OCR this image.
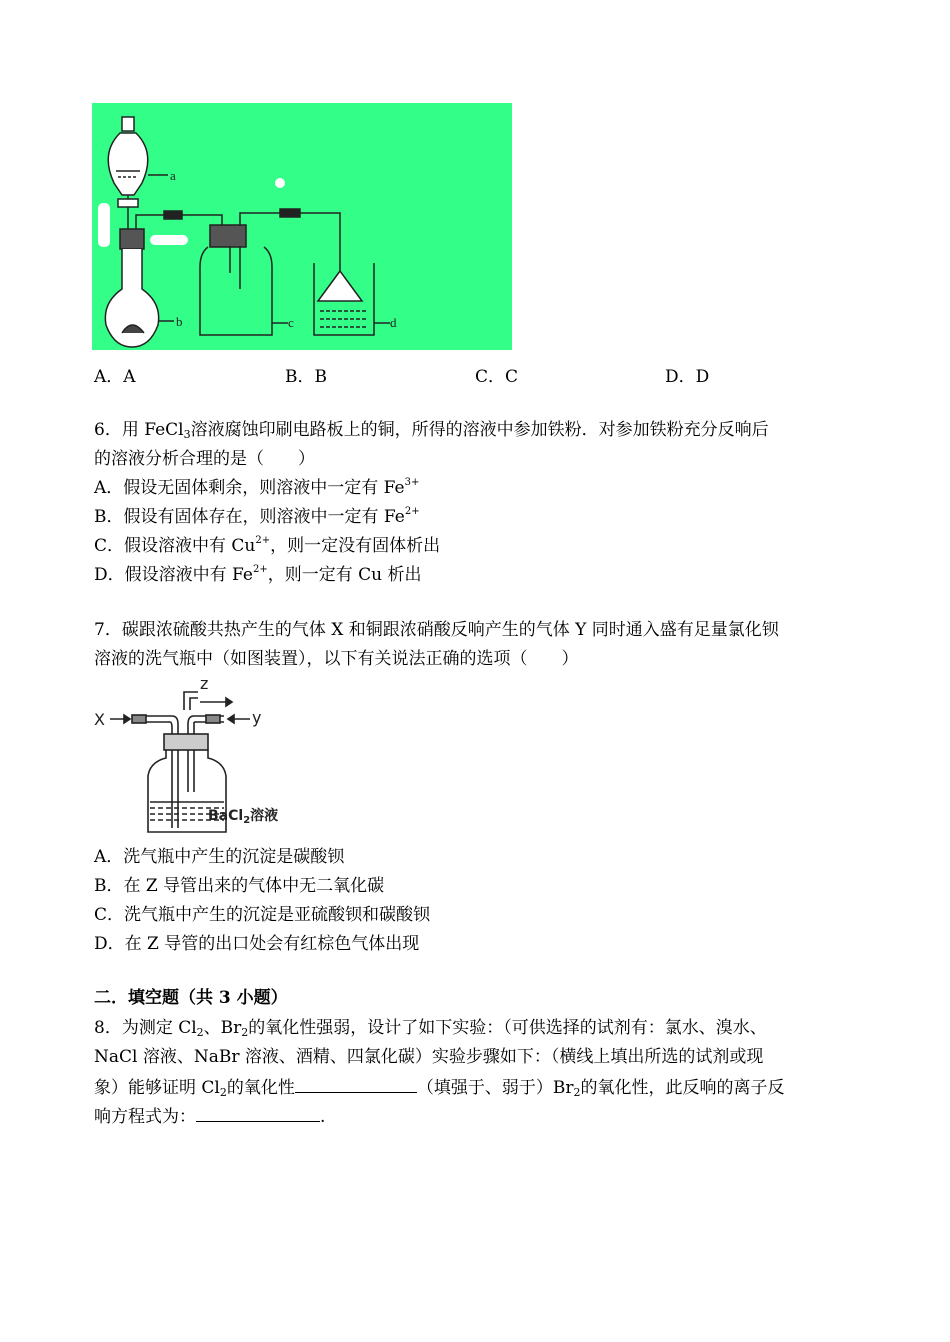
a
b	c	d
A．A	B．B	C．C	D．D
6．用 FeCl$_3$溶液腐蚀印刷电路板上的铜，所得的溶液中参加铁粉．对参加铁粉充分反响后
的溶液分析合理的是（　　）
A．假设无固体剩余，则溶液中一定有 $Fe^{3+}$
B．假设有固体存在，则溶液中一定有 $Fe^{2+}$
C．假设溶液中有 $Cu^{2+}$，则一定没有固体析出
D．假设溶液中有 $Fe^{2+}$，则一定有 Cu 析出
7．碳跟浓硫酸共热产生的气体 X 和铜跟浓硝酸反响产生的气体 Y 同时通入盛有足量氯化钡
溶液的洗气瓶中（如图装置），以下有关说法正确的选项（　　）
X
z
y
BaCl$_2$溶液
A．洗气瓶中产生的沉淀是碳酸钡
B．在 Z 导管出来的气体中无二氧化碳
C．洗气瓶中产生的沉淀是亚硫酸钡和碳酸钡
D．在 Z 导管的出口处会有红棕色气体出现
二．填空题（共 3 小题）
8．为测定 $Cl_2$、$Br_2$的氧化性强弱，设计了如下实验：（可供选择的试剂有：氯水、溴水、
NaCl 溶液、NaBr 溶液、酒精、四氯化碳）实验步骤如下：（横线上填出所选的试剂或现
象）能够证明 $Cl_2$的氧化性	（填强于、弱于）$Br_2$的氧化性，此反响的离子反
响方程式为：	.
